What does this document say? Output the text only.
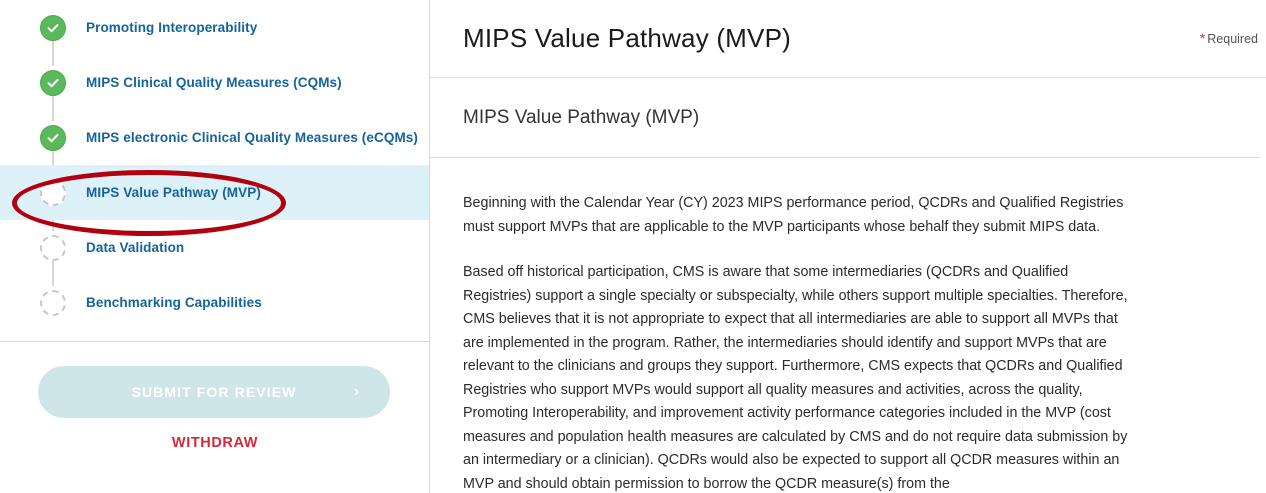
Promoting Interoperability
MIPS Clinical Quality Measures (CQMs)
MIPS electronic Clinical Quality Measures (eCQMs)
MIPS Value Pathway (MVP)
Data Validation
Benchmarking Capabilities
SUBMIT FOR REVIEW	›
WITHDRAW
MIPS Value Pathway (MVP)	* Required
MIPS Value Pathway (MVP)

Beginning with the Calendar Year (CY) 2023 MIPS performance period, QCDRs and Qualified Registries must support MVPs that are applicable to the MVP participants whose behalf they submit MIPS data.

Based off historical participation, CMS is aware that some intermediaries (QCDRs and Qualified Registries) support a single specialty or subspecialty, while others support multiple specialties. Therefore, CMS believes that it is not appropriate to expect that all intermediaries are able to support all MVPs that are implemented in the program. Rather, the intermediaries should identify and support MVPs that are relevant to the clinicians and groups they support. Furthermore, CMS expects that QCDRs and Qualified Registries who support MVPs would support all quality measures and activities, across the quality, Promoting Interoperability, and improvement activity performance categories included in the MVP (cost measures and population health measures are calculated by CMS and do not require data submission by an intermediary or a clinician). QCDRs would also be expected to support all QCDR measures within an MVP and should obtain permission to borrow the QCDR measure(s) from the
